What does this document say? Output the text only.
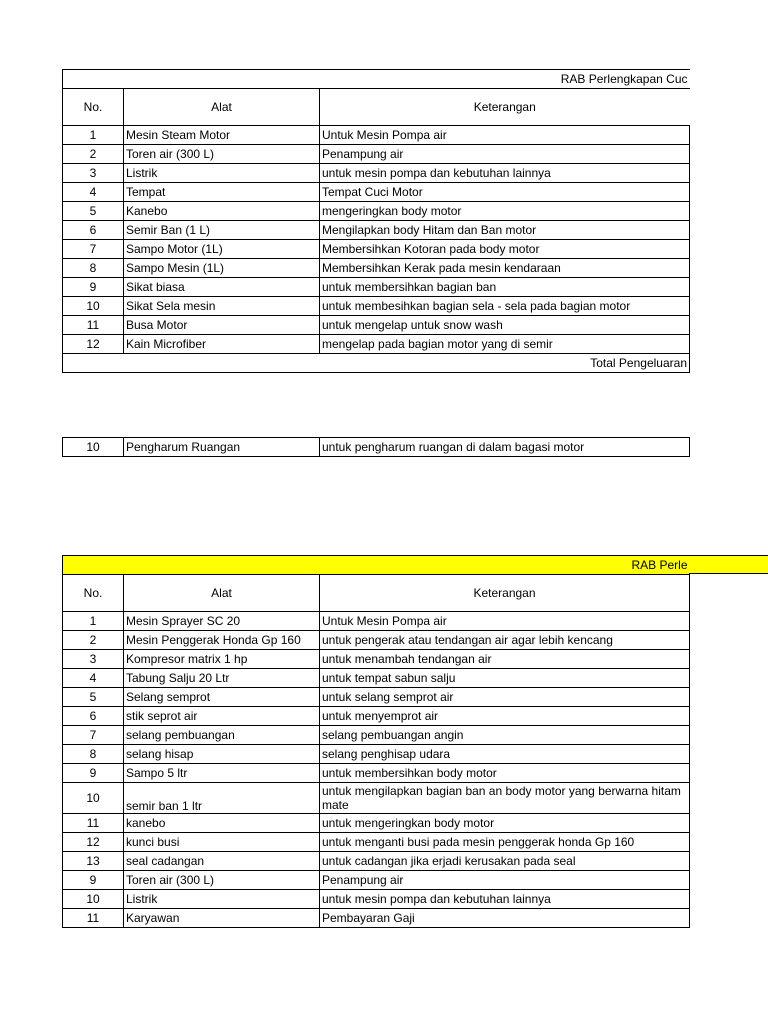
RAB Perlengkapan Cuc		
No.	Alat	Keterangan
1	Mesin Steam Motor	Untuk Mesin Pompa air
2	Toren air (300 L)	Penampung air
3	Listrik	untuk mesin pompa dan kebutuhan lainnya
4	Tempat	Tempat Cuci Motor
5	Kanebo	mengeringkan body motor
6	Semir Ban (1 L)	Mengilapkan body Hitam dan Ban motor
7	Sampo Motor (1L)	Membersihkan Kotoran pada body motor
8	Sampo Mesin (1L)	Membersihkan Kerak pada mesin kendaraan
9	Sikat biasa	untuk membersihkan bagian ban
10	Sikat Sela mesin	untuk membesihkan bagian sela - sela pada bagian motor
11	Busa Motor	untuk mengelap untuk snow wash
12	Kain Microfiber	mengelap pada bagian motor yang di semir
Total Pengeluaran		
10	Pengharum Ruangan	untuk pengharum ruangan di dalam bagasi motor
RAB Perle		
No.	Alat	Keterangan
1	Mesin Sprayer SC 20	Untuk Mesin Pompa air
2	Mesin Penggerak Honda Gp 160	untuk pengerak atau tendangan air agar lebih kencang
3	Kompresor matrix 1 hp	untuk menambah tendangan air
4	Tabung Salju 20 Ltr	untuk tempat sabun salju
5	Selang semprot	untuk selang semprot air
6	stik seprot air	untuk menyemprot air
7	selang pembuangan	selang pembuangan angin
8	selang hisap	selang penghisap udara
9	Sampo 5 ltr	untuk membersihkan body motor
10	semir ban 1 ltr	untuk mengilapkan bagian ban an body motor yang berwarna hitam mate
11	kanebo	untuk mengeringkan body motor
12	kunci busi	untuk menganti busi pada mesin penggerak honda Gp 160
13	seal cadangan	untuk cadangan jika erjadi kerusakan pada seal
9	Toren air (300 L)	Penampung air
10	Listrik	untuk mesin pompa dan kebutuhan lainnya
11	Karyawan	Pembayaran Gaji
